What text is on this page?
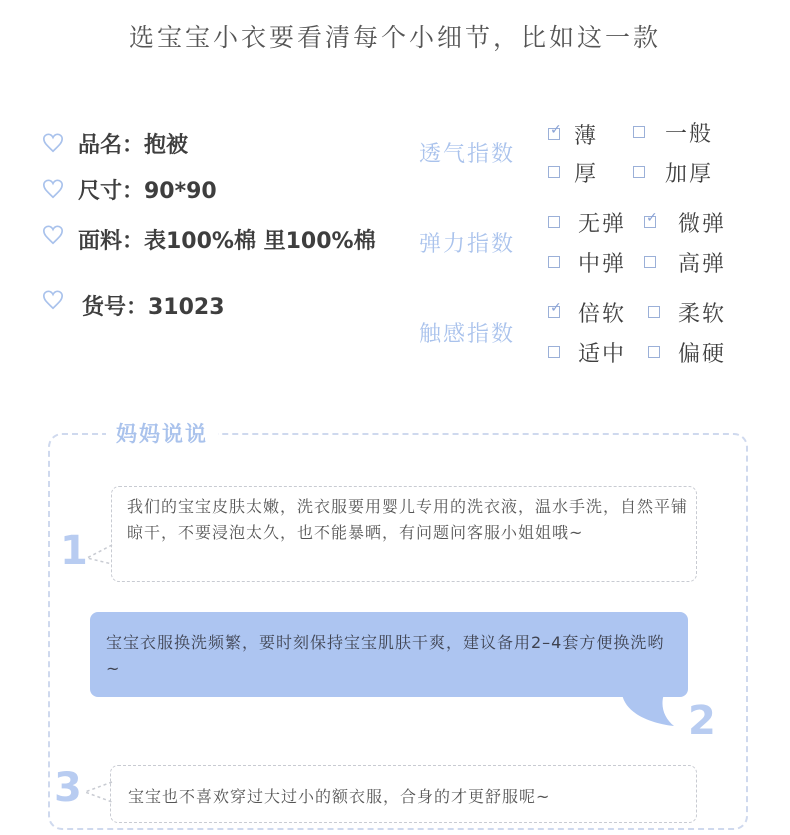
选宝宝小衣要看清每个小细节，比如这一款
品名：抱被
尺寸：90*90
面料：表100%棉 里100%棉
货号：31023
透气指数
弹力指数
触感指数
✓ 薄	一般
厚	加厚
无弹 ✓ 微弹
中弹 高弹
✓ 倍软 柔软
适中 偏硬
妈妈说说
1
我们的宝宝皮肤太嫩，洗衣服要用婴儿专用的洗衣液，温水手洗，自然平铺晾干，不要浸泡太久，也不能暴晒，有问题问客服小姐姐哦~
宝宝衣服换洗频繁，要时刻保持宝宝肌肤干爽，建议备用2–4套方便换洗哟~
2
3	宝宝也不喜欢穿过大过小的额衣服，合身的才更舒服呢~
